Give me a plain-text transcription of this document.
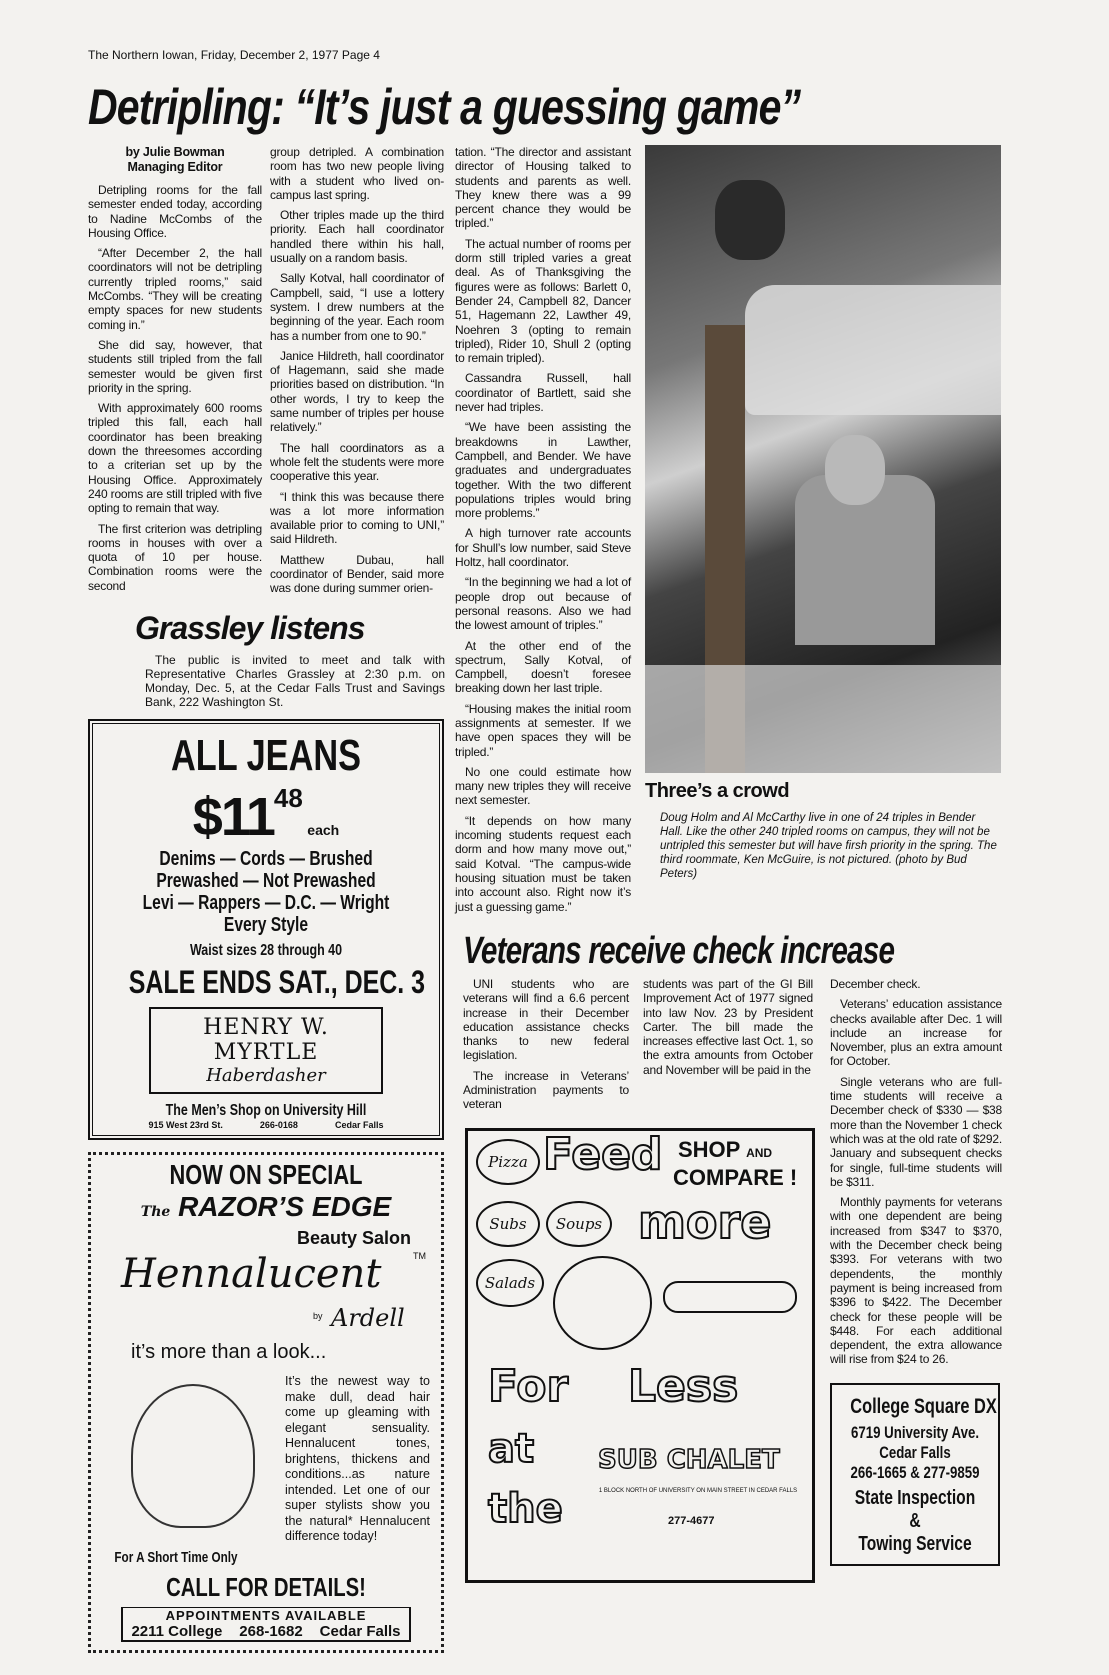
The Northern Iowan, Friday, December 2, 1977 Page 4
Detripling: “It’s just a guessing game”
by Julie Bowman
Managing Editor

Detripling rooms for the fall semester ended today, according to Nadine McCombs of the Housing Office.

“After December 2, the hall coordinators will not be detripling currently tripled rooms,” said McCombs. “They will be creating empty spaces for new students coming in.”

She did say, however, that students still tripled from the fall semester would be given first priority in the spring.

With approximately 600 rooms tripled this fall, each hall coordinator has been breaking down the threesomes according to a criterian set up by the Housing Office. Approximately 240 rooms are still tripled with five opting to remain that way.

The first criterion was detripling rooms in houses with over a quota of 10 per house. Combination rooms were the second

group detripled. A combination room has two new people living with a student who lived on-campus last spring.

Other triples made up the third priority. Each hall coordinator handled there within his hall, usually on a random basis.

Sally Kotval, hall coordinator of Campbell, said, “I use a lottery system. I drew numbers at the beginning of the year. Each room has a number from one to 90.”

Janice Hildreth, hall coordinator of Hagemann, said she made priorities based on distribution. “In other words, I try to keep the same number of triples per house relatively.”

The hall coordinators as a whole felt the students were more cooperative this year.

“I think this was because there was a lot more information available prior to coming to UNI,” said Hildreth.

Matthew Dubau, hall coordinator of Bender, said more was done during summer orien-

tation. “The director and assistant director of Housing talked to students and parents as well. They knew there was a 99 percent chance they would be tripled.”

The actual number of rooms per dorm still tripled varies a great deal. As of Thanksgiving the figures were as follows: Barlett 0, Bender 24, Campbell 82, Dancer 51, Hagemann 22, Lawther 49, Noehren 3 (opting to remain tripled), Rider 10, Shull 2 (opting to remain tripled).

Cassandra Russell, hall coordinator of Bartlett, said she never had triples.

“We have been assisting the breakdowns in Lawther, Campbell, and Bender. We have graduates and undergraduates together. With the two different populations triples would bring more problems.”

A high turnover rate accounts for Shull’s low number, said Steve Holtz, hall coordinator.

“In the beginning we had a lot of people drop out because of personal reasons. Also we had the lowest amount of triples.”

At the other end of the spectrum, Sally Kotval, of Campbell, doesn’t foresee breaking down her last triple.

“Housing makes the initial room assignments at semester. If we have open spaces they will be tripled.”

No one could estimate how many new triples they will receive next semester.

“It depends on how many incoming students request each dorm and how many move out,” said Kotval. “The campus-wide housing situation must be taken into account also. Right now it’s just a guessing game.”

Three’s a crowd
Doug Holm and Al McCarthy live in one of 24 triples in Bender Hall. Like the other 240 tripled rooms on campus, they will not be untripled this semester but will have firsh priority in the spring. The third roommate, Ken McGuire, is not pictured. (photo by Bud Peters)
Grassley listens
The public is invited to meet and talk with Representative Charles Grassley at 2:30 p.m. on Monday, Dec. 5, at the Cedar Falls Trust and Savings Bank, 222 Washington St.
ALL JEANS
$1148 each
Denims — Cords — Brushed
Prewashed — Not Prewashed
Levi — Rappers — D.C. — Wright
Every Style
Waist sizes 28 through 40
SALE ENDS SAT., DEC. 3
HENRY W. MYRTLE
Haberdasher
The Men’s Shop on University Hill
915 West 23rd St.	266-0168	Cedar Falls
NOW ON SPECIAL
The RAZOR’S EDGE
Beauty Salon
Hennalucent	TM
by Ardell
it’s more than a look...
It’s the newest way to make dull, dead hair come up gleaming with elegant sensuality. Hennalucent tones, brightens, thickens and conditions...as nature intended. Let one of our super stylists show you the natural* Hennalucent difference today!
For A Short Time Only
CALL FOR DETAILS!
APPOINTMENTS AVAILABLE
2211 College 268-1682 Cedar Falls
Veterans receive check increase

UNI students who are veterans will find a 6.6 percent increase in their December education assistance checks thanks to new federal legislation.

The increase in Veterans’ Administration payments to veteran

students was part of the GI Bill Improvement Act of 1977 signed into law Nov. 23 by President Carter. The bill made the increases effective last Oct. 1, so the extra amounts from October and November will be paid in the

December check.

Veterans’ education assistance checks available after Dec. 1 will include an increase for November, plus an extra amount for October.

Single veterans who are full-time students will receive a December check of $330 — $38 more than the November 1 check which was at the old rate of $292. January and subsequent checks for single, full-time students will be $311.

Monthly payments for veterans with one dependent are being increased from $347 to $370, with the December check being $393. For veterans with two dependents, the monthly payment is being increased from $396 to $422. The December check for these people will be $448. For each additional dependent, the extra allowance will rise from $24 to 26.

SHOP AND
COMPARE !
Pizza Feed
Subs	Soups more
Salads
For Less
at
the
SUB CHALET
1 BLOCK NORTH OF UNIVERSITY ON MAIN STREET IN CEDAR FALLS
277-4677
College Square DX
6719 University Ave.
Cedar Falls
266-1665 & 277-9859
State Inspection
&
Towing Service
